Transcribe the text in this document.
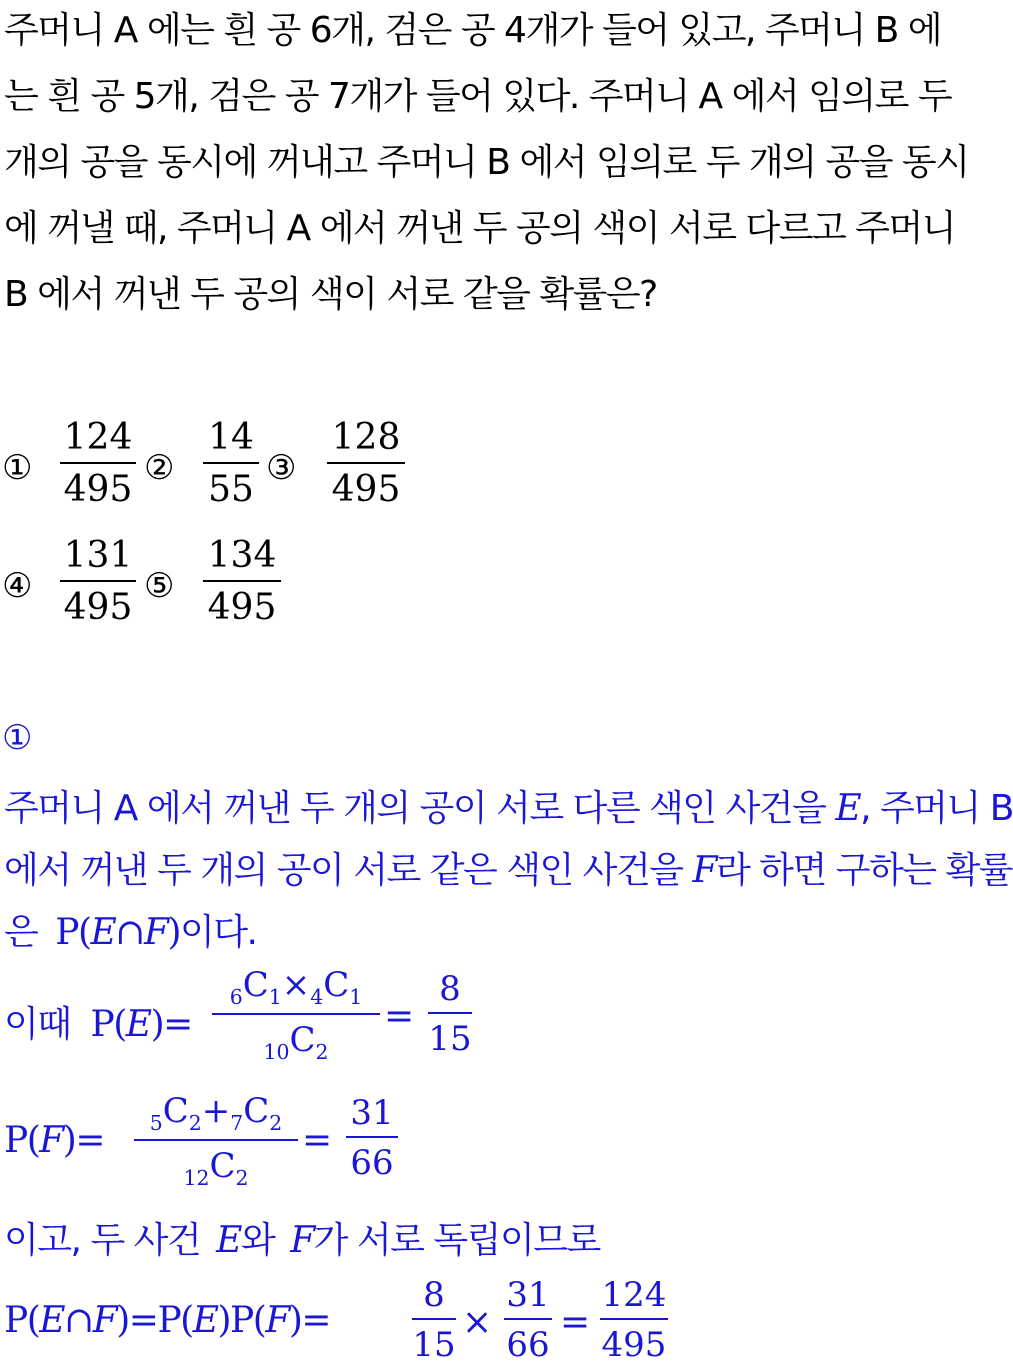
주머니 A 에는 흰 공 6개, 검은 공 4개가 들어 있고, 주머니 B 에
는 흰 공 5개, 검은 공 7개가 들어 있다. 주머니 A 에서 임의로 두
개의 공을 동시에 꺼내고 주머니 B 에서 임의로 두 개의 공을 동시
에 꺼낼 때, 주머니 A 에서 꺼낸 두 공의 색이 서로 다르고 주머니
B 에서 꺼낸 두 공의 색이 서로 같을 확률은?
①
124
495
②
14
55
③
128
495
④
131
495
⑤
134
495
①
주머니 A 에서 꺼낸 두 개의 공이 서로 다른 색인 사건을 E, 주머니 B
에서 꺼낸 두 개의 공이 서로 같은 색인 사건을 F라 하면 구하는 확률
은 P(E∩F)이다.
이때 P(E)=
$_6C_1\times_4C_1$
$_{10}C_2$
=
8
15
$P(F)= _5C_2+_7C_2$
$_{12}C_2$
=
31
66
이고, 두 사건 E와 F가 서로 독립이므로
P(E∩F)=P(E)P(F)=
8
15
×
31
66
=
124
495
